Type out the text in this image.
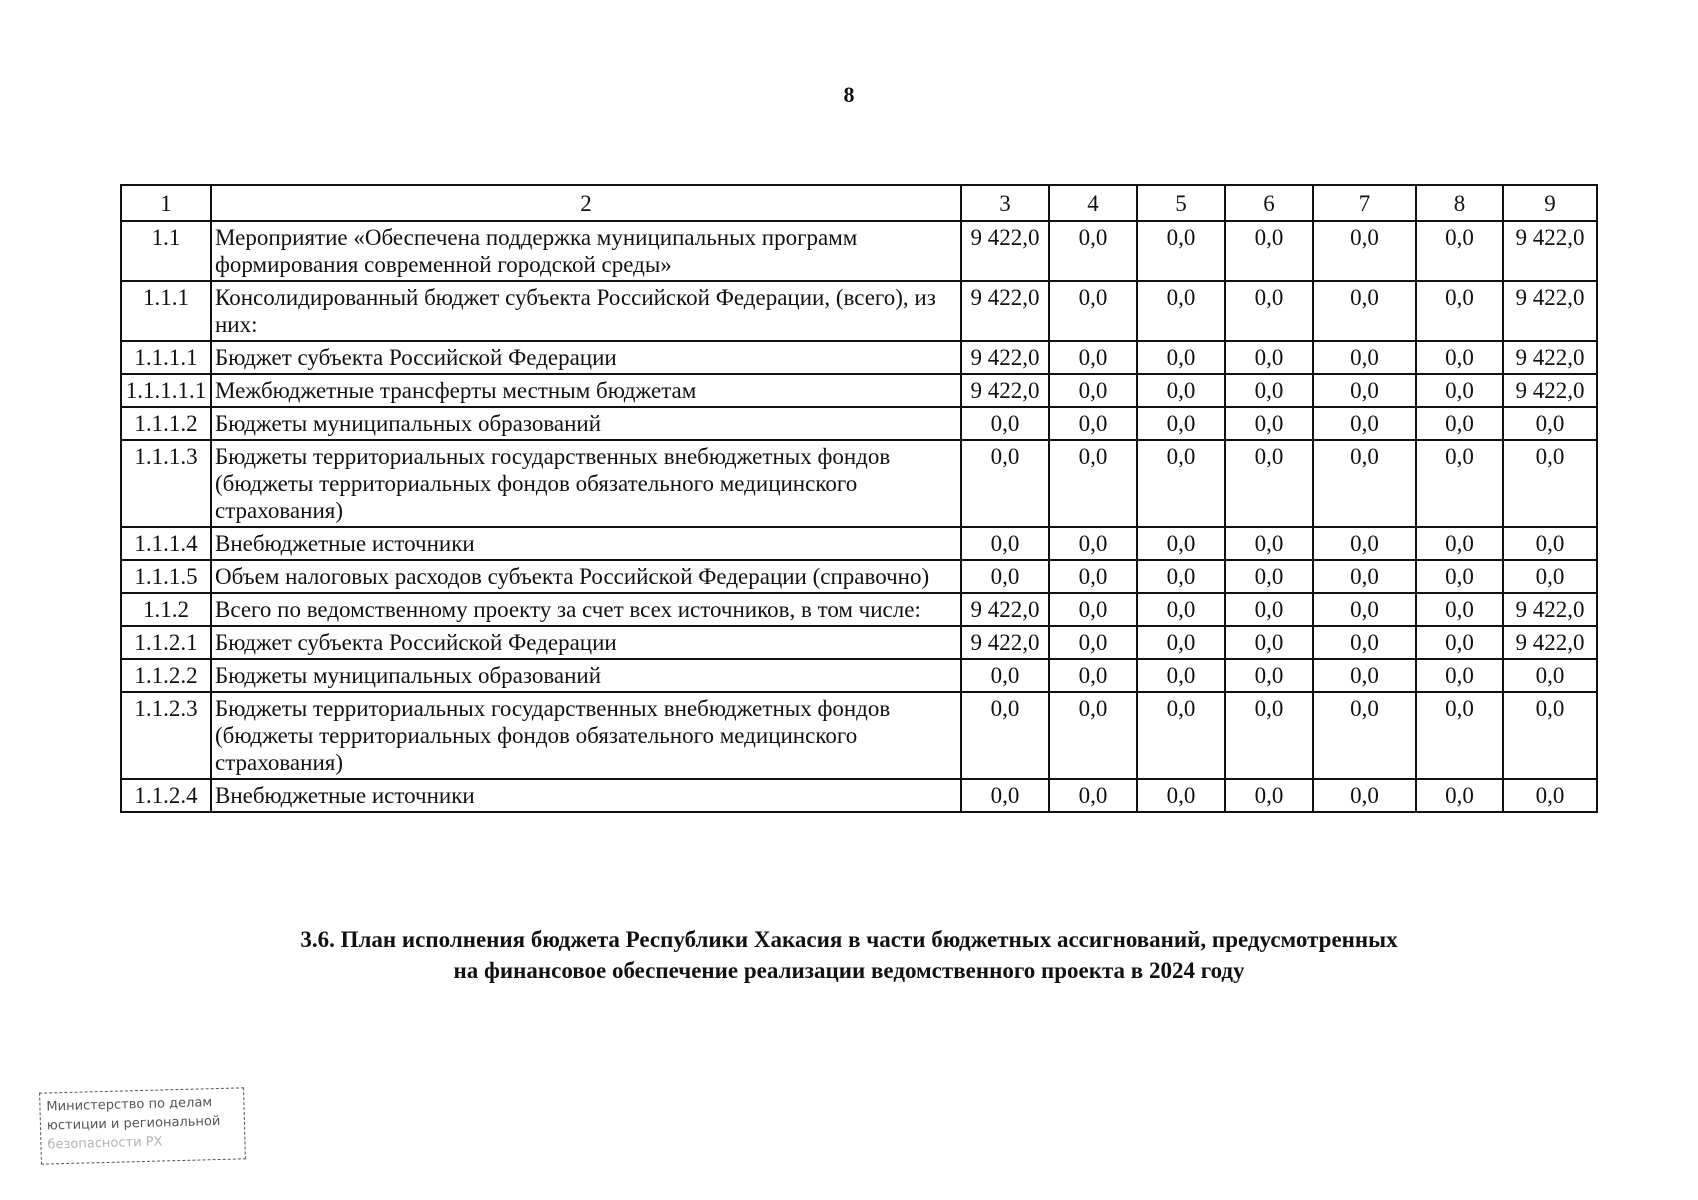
8
1	2	3	4	5	6	7	8	9
1.1	Мероприятие «Обеспечена поддержка муниципальных программ формирования современной городской среды»	9 422,0	0,0	0,0	0,0	0,0	0,0	9 422,0
1.1.1	Консолидированный бюджет субъекта Российской Федерации, (всего), из них:	9 422,0	0,0	0,0	0,0	0,0	0,0	9 422,0
1.1.1.1	Бюджет субъекта Российской Федерации	9 422,0	0,0	0,0	0,0	0,0	0,0	9 422,0
1.1.1.1.1	Межбюджетные трансферты местным бюджетам	9 422,0	0,0	0,0	0,0	0,0	0,0	9 422,0
1.1.1.2	Бюджеты муниципальных образований	0,0	0,0	0,0	0,0	0,0	0,0	0,0
1.1.1.3	Бюджеты территориальных государственных внебюджетных фондов (бюджеты территориальных фондов обязательного медицинского страхования)	0,0	0,0	0,0	0,0	0,0	0,0	0,0
1.1.1.4	Внебюджетные источники	0,0	0,0	0,0	0,0	0,0	0,0	0,0
1.1.1.5	Объем налоговых расходов субъекта Российской Федерации (справочно)	0,0	0,0	0,0	0,0	0,0	0,0	0,0
1.1.2	Всего по ведомственному проекту за счет всех источников, в том числе:	9 422,0	0,0	0,0	0,0	0,0	0,0	9 422,0
1.1.2.1	Бюджет субъекта Российской Федерации	9 422,0	0,0	0,0	0,0	0,0	0,0	9 422,0
1.1.2.2	Бюджеты муниципальных образований	0,0	0,0	0,0	0,0	0,0	0,0	0,0
1.1.2.3	Бюджеты территориальных государственных внебюджетных фондов (бюджеты территориальных фондов обязательного медицинского страхования)	0,0	0,0	0,0	0,0	0,0	0,0	0,0
1.1.2.4	Внебюджетные источники	0,0	0,0	0,0	0,0	0,0	0,0	0,0
3.6. План исполнения бюджета Республики Хакасия в части бюджетных ассигнований, предусмотренных
на финансовое обеспечение реализации ведомственного проекта в 2024 году
Министерство по делам
юстиции и региональной
безопасности РХ
